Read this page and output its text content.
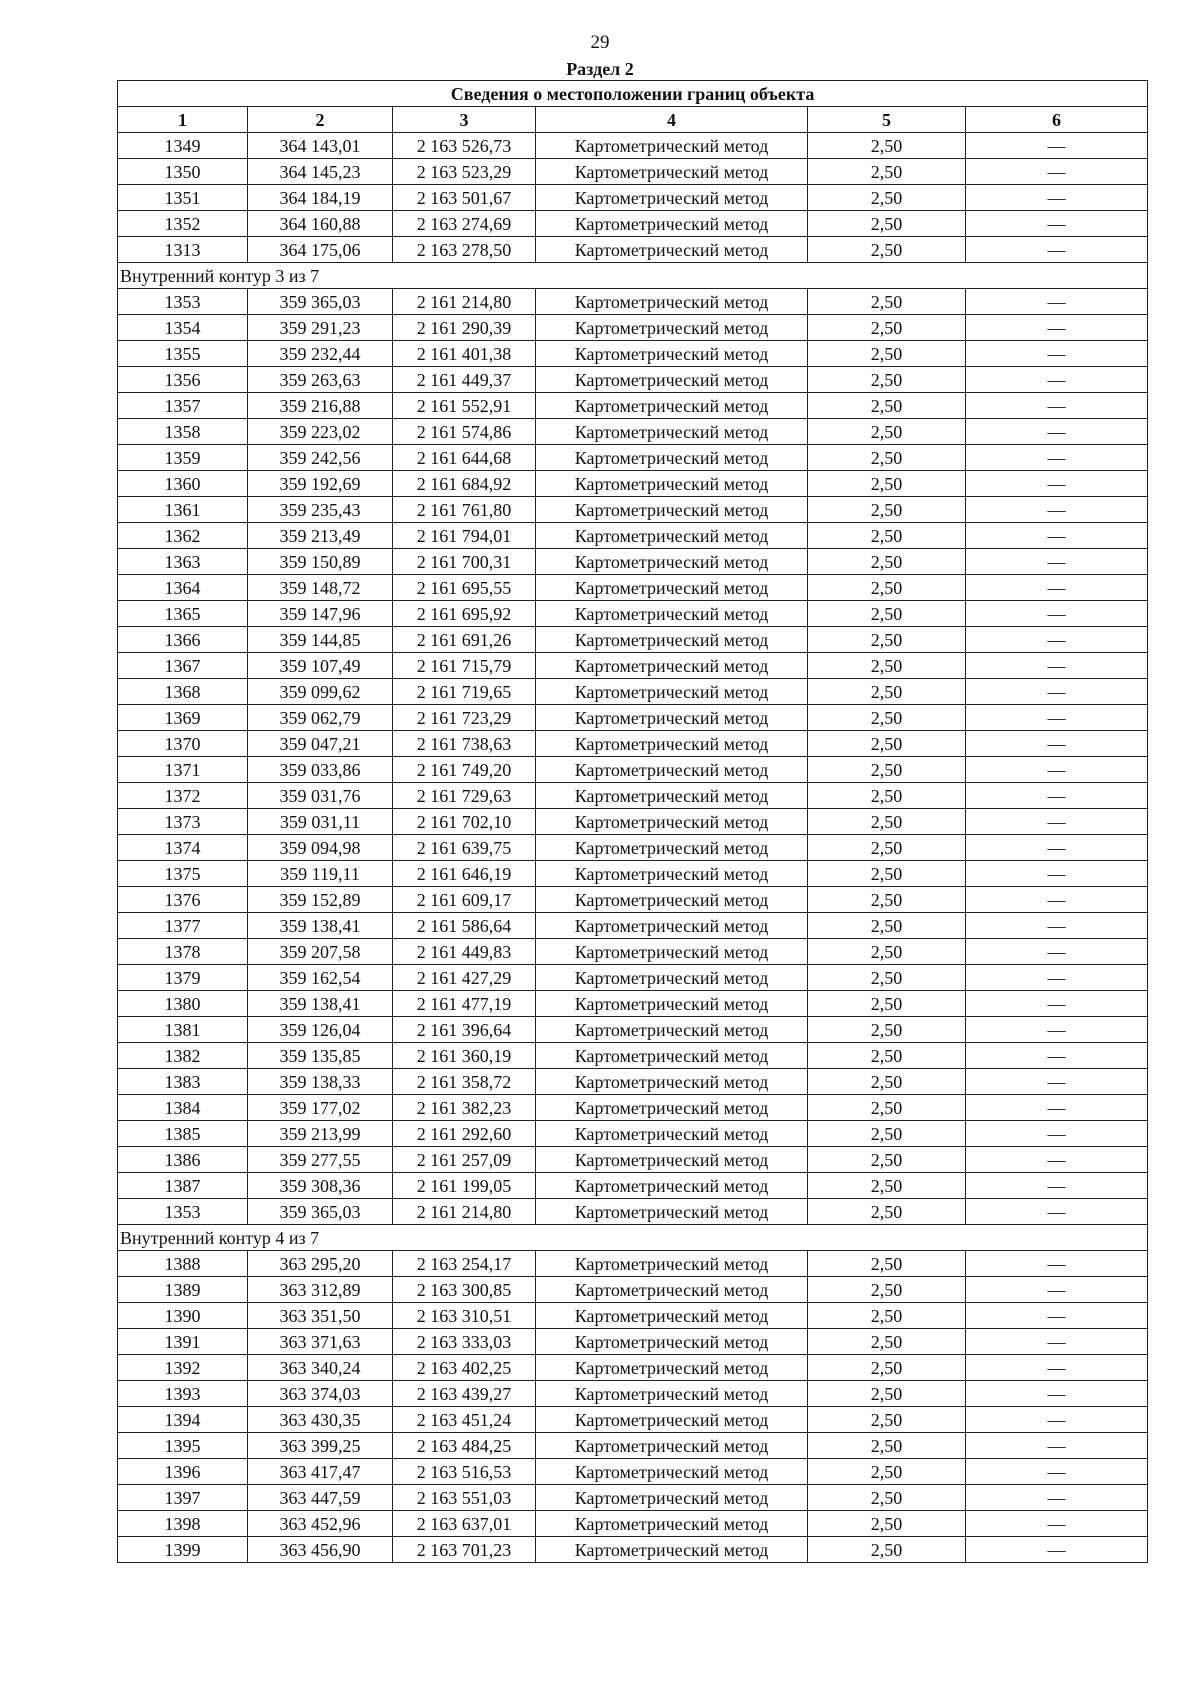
29
Раздел 2
Сведения о местоположении границ объекта					
1	2	3	4	5	6
1349	364 143,01	2 163 526,73	Картометрический метод	2,50	—
1350	364 145,23	2 163 523,29	Картометрический метод	2,50	—
1351	364 184,19	2 163 501,67	Картометрический метод	2,50	—
1352	364 160,88	2 163 274,69	Картометрический метод	2,50	—
1313	364 175,06	2 163 278,50	Картометрический метод	2,50	—
Внутренний контур 3 из 7					
1353	359 365,03	2 161 214,80	Картометрический метод	2,50	—
1354	359 291,23	2 161 290,39	Картометрический метод	2,50	—
1355	359 232,44	2 161 401,38	Картометрический метод	2,50	—
1356	359 263,63	2 161 449,37	Картометрический метод	2,50	—
1357	359 216,88	2 161 552,91	Картометрический метод	2,50	—
1358	359 223,02	2 161 574,86	Картометрический метод	2,50	—
1359	359 242,56	2 161 644,68	Картометрический метод	2,50	—
1360	359 192,69	2 161 684,92	Картометрический метод	2,50	—
1361	359 235,43	2 161 761,80	Картометрический метод	2,50	—
1362	359 213,49	2 161 794,01	Картометрический метод	2,50	—
1363	359 150,89	2 161 700,31	Картометрический метод	2,50	—
1364	359 148,72	2 161 695,55	Картометрический метод	2,50	—
1365	359 147,96	2 161 695,92	Картометрический метод	2,50	—
1366	359 144,85	2 161 691,26	Картометрический метод	2,50	—
1367	359 107,49	2 161 715,79	Картометрический метод	2,50	—
1368	359 099,62	2 161 719,65	Картометрический метод	2,50	—
1369	359 062,79	2 161 723,29	Картометрический метод	2,50	—
1370	359 047,21	2 161 738,63	Картометрический метод	2,50	—
1371	359 033,86	2 161 749,20	Картометрический метод	2,50	—
1372	359 031,76	2 161 729,63	Картометрический метод	2,50	—
1373	359 031,11	2 161 702,10	Картометрический метод	2,50	—
1374	359 094,98	2 161 639,75	Картометрический метод	2,50	—
1375	359 119,11	2 161 646,19	Картометрический метод	2,50	—
1376	359 152,89	2 161 609,17	Картометрический метод	2,50	—
1377	359 138,41	2 161 586,64	Картометрический метод	2,50	—
1378	359 207,58	2 161 449,83	Картометрический метод	2,50	—
1379	359 162,54	2 161 427,29	Картометрический метод	2,50	—
1380	359 138,41	2 161 477,19	Картометрический метод	2,50	—
1381	359 126,04	2 161 396,64	Картометрический метод	2,50	—
1382	359 135,85	2 161 360,19	Картометрический метод	2,50	—
1383	359 138,33	2 161 358,72	Картометрический метод	2,50	—
1384	359 177,02	2 161 382,23	Картометрический метод	2,50	—
1385	359 213,99	2 161 292,60	Картометрический метод	2,50	—
1386	359 277,55	2 161 257,09	Картометрический метод	2,50	—
1387	359 308,36	2 161 199,05	Картометрический метод	2,50	—
1353	359 365,03	2 161 214,80	Картометрический метод	2,50	—
Внутренний контур 4 из 7					
1388	363 295,20	2 163 254,17	Картометрический метод	2,50	—
1389	363 312,89	2 163 300,85	Картометрический метод	2,50	—
1390	363 351,50	2 163 310,51	Картометрический метод	2,50	—
1391	363 371,63	2 163 333,03	Картометрический метод	2,50	—
1392	363 340,24	2 163 402,25	Картометрический метод	2,50	—
1393	363 374,03	2 163 439,27	Картометрический метод	2,50	—
1394	363 430,35	2 163 451,24	Картометрический метод	2,50	—
1395	363 399,25	2 163 484,25	Картометрический метод	2,50	—
1396	363 417,47	2 163 516,53	Картометрический метод	2,50	—
1397	363 447,59	2 163 551,03	Картометрический метод	2,50	—
1398	363 452,96	2 163 637,01	Картометрический метод	2,50	—
1399	363 456,90	2 163 701,23	Картометрический метод	2,50	—
